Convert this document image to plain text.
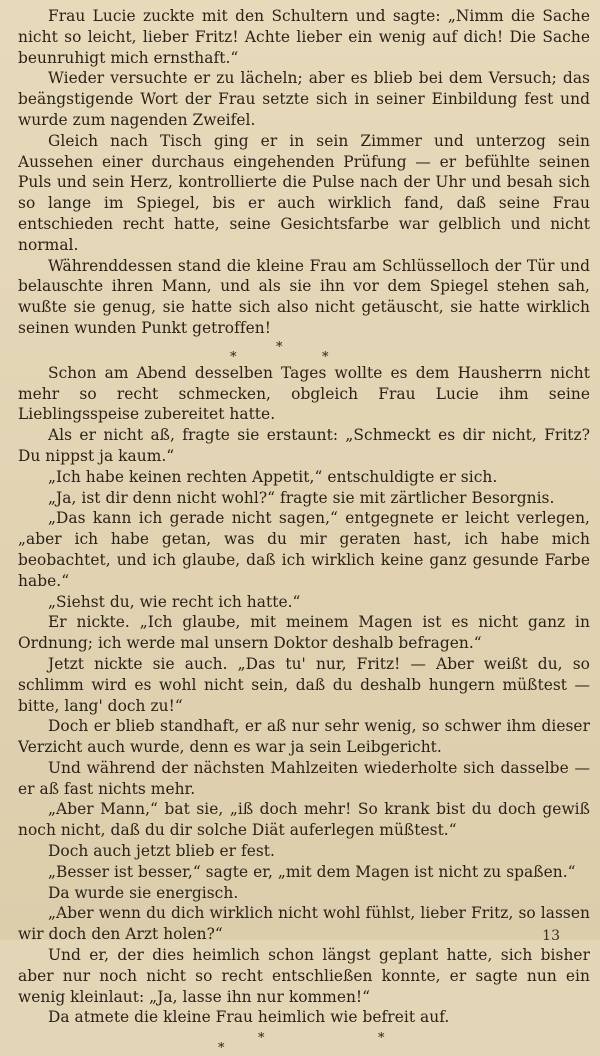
Frau Lucie zuckte mit den Schultern und sagte: „Nimm die Sache nicht so leicht, lieber Fritz! Achte lieber ein wenig auf dich! Die Sache beunruhigt mich ernsthaft.“

Wieder versuchte er zu lächeln; aber es blieb bei dem Versuch; das beängstigende Wort der Frau setzte sich in seiner Einbildung fest und wurde zum nagenden Zweifel.

Gleich nach Tisch ging er in sein Zimmer und unterzog sein Aussehen einer durchaus eingehenden Prüfung — er befühlte seinen Puls und sein Herz, kontrollierte die Pulse nach der Uhr und besah sich so lange im Spiegel, bis er auch wirklich fand, daß seine Frau entschieden recht hatte, seine Gesichtsfarbe war gelblich und nicht normal.

Währenddessen stand die kleine Frau am Schlüsselloch der Tür und belauschte ihren Mann, und als sie ihn vor dem Spiegel stehen sah, wußte sie genug, sie hatte sich also nicht getäuscht, sie hatte wirklich seinen wunden Punkt getroffen!

*
*	*

Schon am Abend desselben Tages wollte es dem Hausherrn nicht mehr so recht schmecken, obgleich Frau Lucie ihm seine Lieblingsspeise zubereitet hatte.

Als er nicht aß, fragte sie erstaunt: „Schmeckt es dir nicht, Fritz? Du nippst ja kaum.“

„Ich habe keinen rechten Appetit,“ entschuldigte er sich.

„Ja, ist dir denn nicht wohl?“ fragte sie mit zärtlicher Besorgnis.

„Das kann ich gerade nicht sagen,“ entgegnete er leicht verlegen, „aber ich habe getan, was du mir geraten hast, ich habe mich beobachtet, und ich glaube, daß ich wirklich keine ganz gesunde Farbe habe.“

„Siehst du, wie recht ich hatte.“

Er nickte. „Ich glaube, mit meinem Magen ist es nicht ganz in Ordnung; ich werde mal unsern Doktor deshalb befragen.“

Jetzt nickte sie auch. „Das tu' nur, Fritz! — Aber weißt du, so schlimm wird es wohl nicht sein, daß du deshalb hungern müßtest — bitte, lang' doch zu!“

Doch er blieb standhaft, er aß nur sehr wenig, so schwer ihm dieser Verzicht auch wurde, denn es war ja sein Leibgericht.

Und während der nächsten Mahlzeiten wiederholte sich dasselbe — er aß fast nichts mehr.

„Aber Mann,“ bat sie, „iß doch mehr! So krank bist du doch gewiß noch nicht, daß du dir solche Diät auferlegen müßtest.“

Doch auch jetzt blieb er fest.

„Besser ist besser,“ sagte er, „mit dem Magen ist nicht zu spaßen.“

Da wurde sie energisch.

„Aber wenn du dich wirklich nicht wohl fühlst, lieber Fritz, so lassen wir doch den Arzt holen?“

Und er, der dies heimlich schon längst geplant hatte, sich bisher aber nur noch nicht so recht entschließen konnte, er sagte nun ein wenig kleinlaut: „Ja, lasse ihn nur kommen!“

Da atmete die kleine Frau heimlich wie befreit auf.

*
*
*
13
